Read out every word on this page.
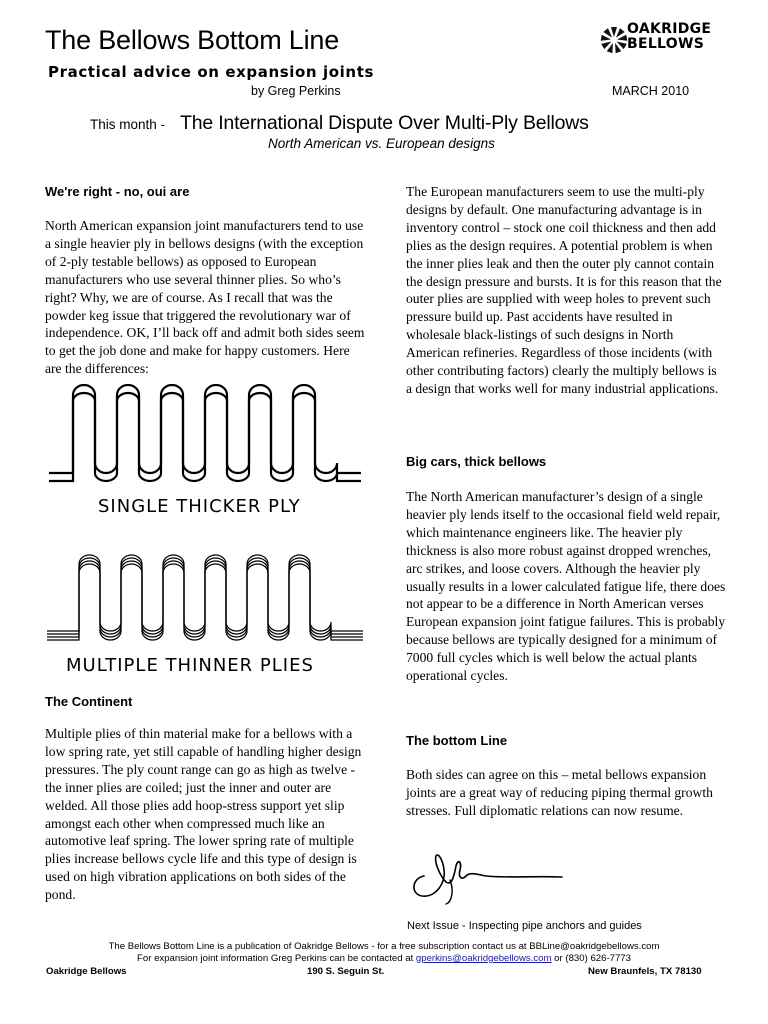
The Bellows Bottom Line
Practical advice on expansion joints
by Greg Perkins	MARCH 2010
OAKRIDGE
BELLOWS
This month - The International Dispute Over Multi-Ply Bellows
North American vs. European designs
We're right - no, oui are

North American expansion joint manufacturers tend to use a single heavier ply in bellows designs (with the exception of 2-ply testable bellows) as opposed to European manufacturers who use several thinner plies. So who’s right? Why, we are of course. As I recall that was the powder keg issue that triggered the revolutionary war of independence. OK, I’ll back off and admit both sides seem to get the job done and make for happy customers. Here are the differences:

SINGLE THICKER PLY
MULTIPLE THINNER PLIES
The Continent

Multiple plies of thin material make for a bellows with a low spring rate, yet still capable of handling higher design pressures. The ply count range can go as high as twelve - the inner plies are coiled; just the inner and outer are welded. All those plies add hoop-stress support yet slip amongst each other when compressed much like an automotive leaf spring. The lower spring rate of multiple plies increase bellows cycle life and this type of design is used on high vibration applications on both sides of the pond.

The European manufacturers seem to use the multi-ply designs by default. One manufacturing advantage is in inventory control – stock one coil thickness and then add plies as the design requires. A potential problem is when the inner plies leak and then the outer ply cannot contain the design pressure and bursts. It is for this reason that the outer plies are supplied with weep holes to prevent such pressure build up. Past accidents have resulted in wholesale black-listings of such designs in North American refineries. Regardless of those incidents (with other contributing factors) clearly the multiply bellows is a design that works well for many industrial applications.

Big cars, thick bellows

The North American manufacturer’s design of a single heavier ply lends itself to the occasional field weld repair, which maintenance engineers like. The heavier ply thickness is also more robust against dropped wrenches, arc strikes, and loose covers. Although the heavier ply usually results in a lower calculated fatigue life, there does not appear to be a difference in North American verses European expansion joint fatigue failures. This is probably because bellows are typically designed for a minimum of 7000 full cycles which is well below the actual plants operational cycles.

The bottom Line

Both sides can agree on this – metal bellows expansion joints are a great way of reducing piping thermal growth stresses. Full diplomatic relations can now resume.

Next Issue - Inspecting pipe anchors and guides
The Bellows Bottom Line is a publication of Oakridge Bellows - for a free subscription contact us at BBLine@oakridgebellows.com
For expansion joint information Greg Perkins can be contacted at gperkins@oakridgebellows.com or (830) 626-7773
Oakridge Bellows	190 S. Seguin St.	New Braunfels, TX 78130
